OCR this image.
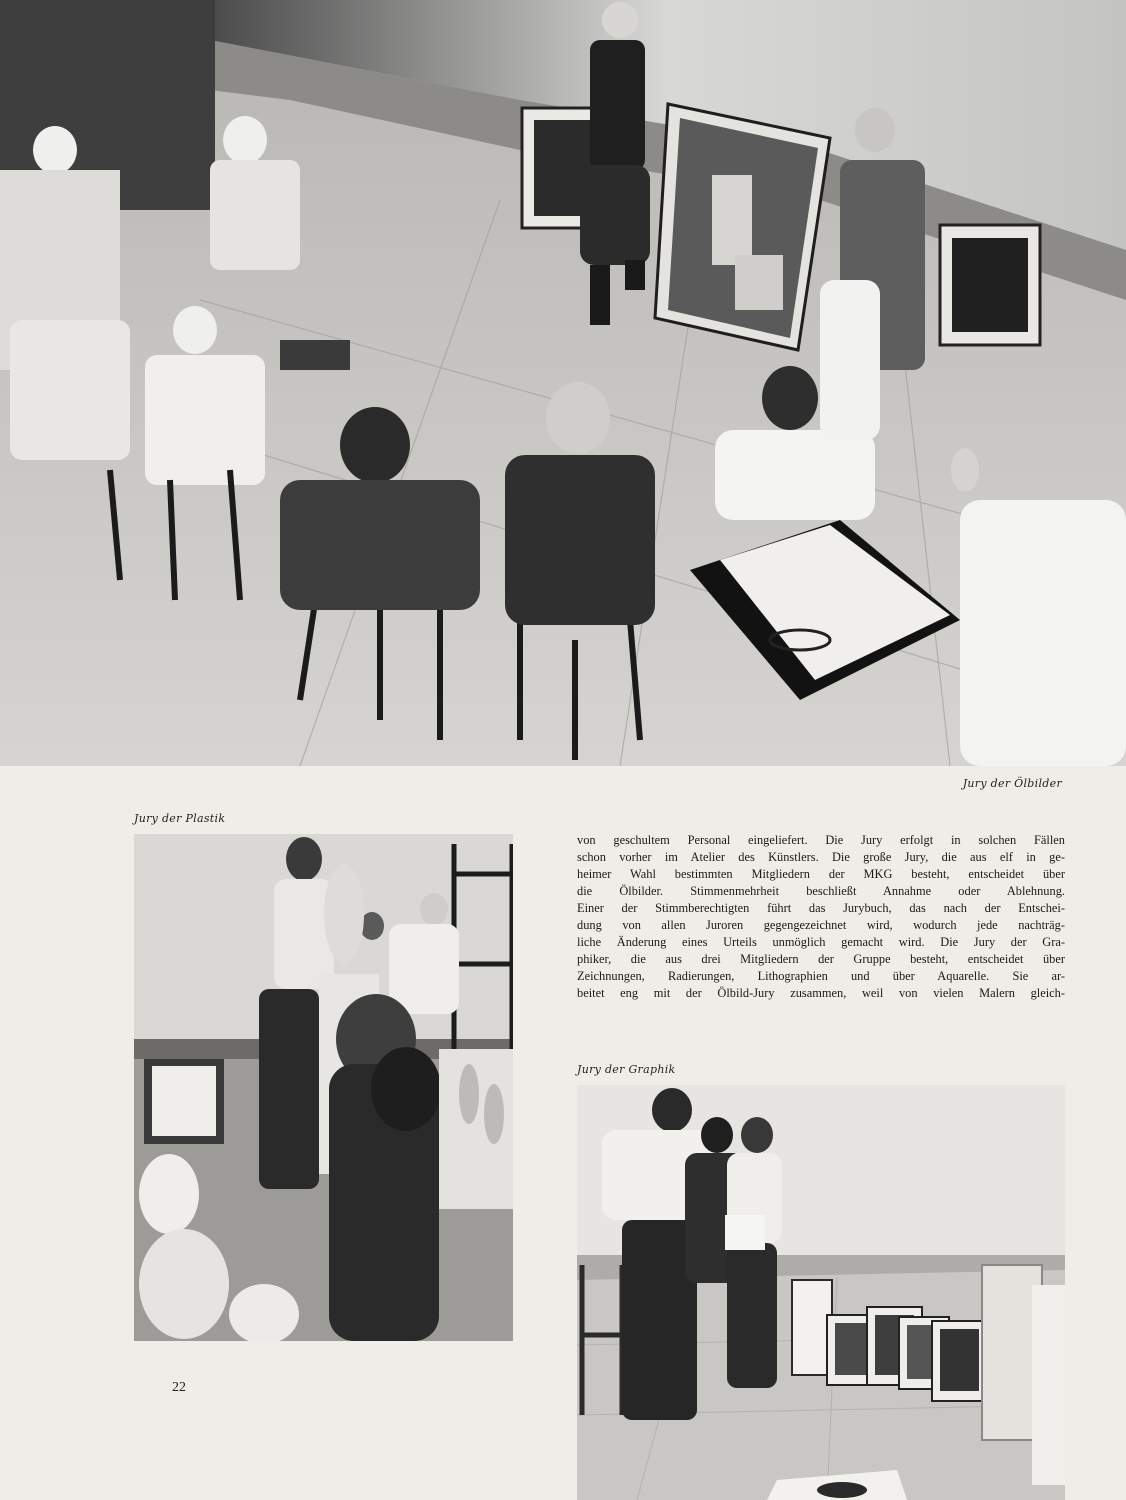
Jury der Ölbilder
Jury der Plastik
von geschultem Personal eingeliefert. Die Jury erfolgt in solchen Fällen
schon vorher im Atelier des Künstlers. Die große Jury, die aus elf in ge-
heimer Wahl bestimmten Mitgliedern der MKG besteht, entscheidet über
die Ölbilder. Stimmenmehrheit beschließt Annahme oder Ablehnung.
Einer der Stimmberechtigten führt das Jurybuch, das nach der Entschei-
dung von allen Juroren gegengezeichnet wird, wodurch jede nachträg-
liche Änderung eines Urteils unmöglich gemacht wird. Die Jury der Gra-
phiker, die aus drei Mitgliedern der Gruppe besteht, entscheidet über
Zeichnungen, Radierungen, Lithographien und über Aquarelle. Sie ar-
beitet eng mit der Ölbild-Jury zusammen, weil von vielen Malern gleich-
Jury der Graphik
22
